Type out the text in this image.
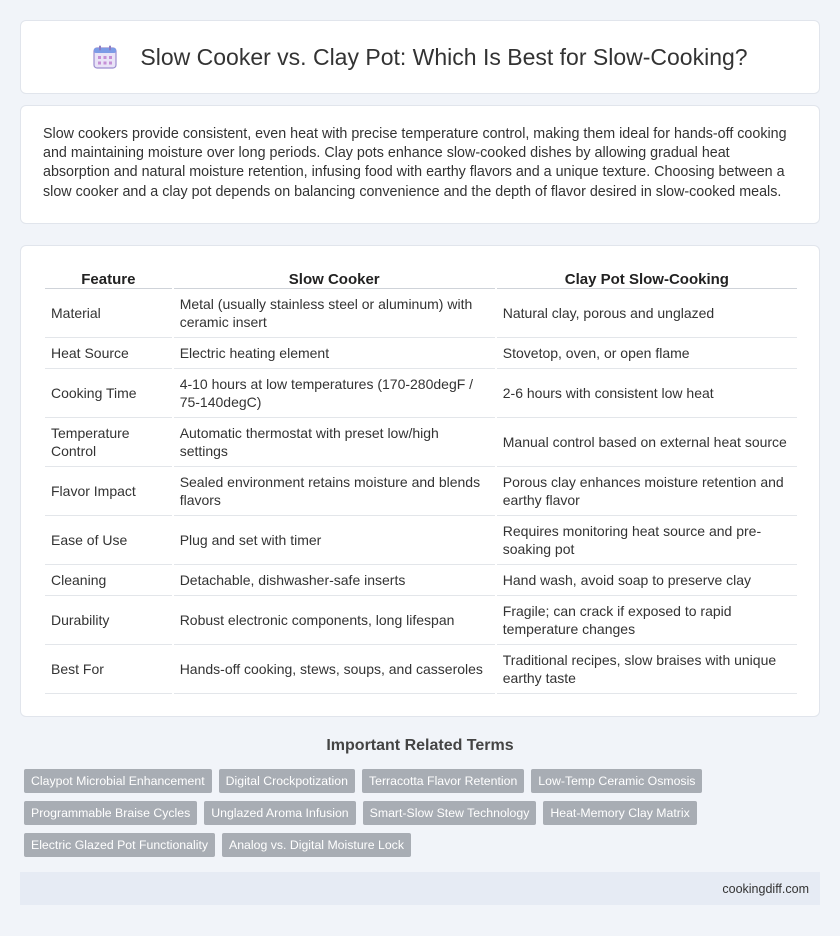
Slow Cooker vs. Clay Pot: Which Is Best for Slow-Cooking?

Slow cookers provide consistent, even heat with precise temperature control, making them ideal for hands-off cooking and maintaining moisture over long periods. Clay pots enhance slow-cooked dishes by allowing gradual heat absorption and natural moisture retention, infusing food with earthy flavors and a unique texture. Choosing between a slow cooker and a clay pot depends on balancing convenience and the depth of flavor desired in slow-cooked meals.

Feature	Slow Cooker	Clay Pot Slow-Cooking
Material	Metal (usually stainless steel or aluminum) with ceramic insert	Natural clay, porous and unglazed
Heat Source	Electric heating element	Stovetop, oven, or open flame
Cooking Time	4-10 hours at low temperatures (170-280degF / 75-140degC)	2-6 hours with consistent low heat
Temperature Control	Automatic thermostat with preset low/high settings	Manual control based on external heat source
Flavor Impact	Sealed environment retains moisture and blends flavors	Porous clay enhances moisture retention and earthy flavor
Ease of Use	Plug and set with timer	Requires monitoring heat source and pre-soaking pot
Cleaning	Detachable, dishwasher-safe inserts	Hand wash, avoid soap to preserve clay
Durability	Robust electronic components, long lifespan	Fragile; can crack if exposed to rapid temperature changes
Best For	Hands-off cooking, stews, soups, and casseroles	Traditional recipes, slow braises with unique earthy taste
Important Related Terms
Claypot Microbial Enhancement	Digital Crockpotization	Terracotta Flavor Retention	Low-Temp Ceramic Osmosis
Programmable Braise Cycles	Unglazed Aroma Infusion	Smart-Slow Stew Technology	Heat-Memory Clay Matrix
Electric Glazed Pot Functionality	Analog vs. Digital Moisture Lock
cookingdiff.com
